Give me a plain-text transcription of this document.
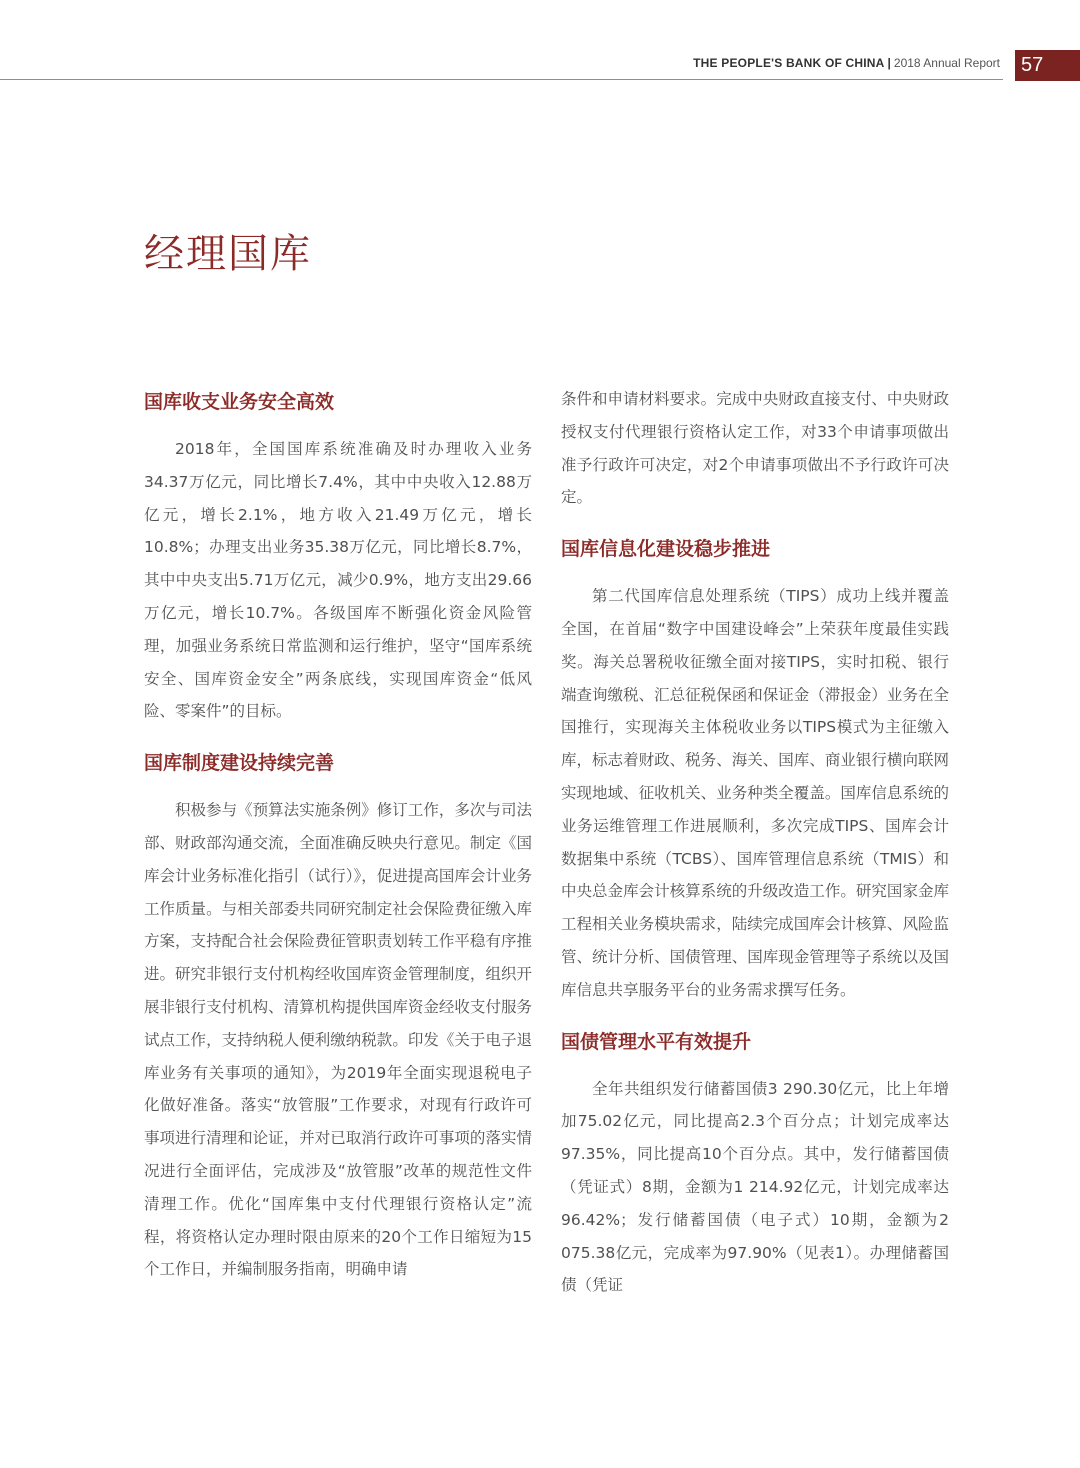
THE PEOPLE'S BANK OF CHINA | 2018 Annual Report	57
经理国库
国库收支业务安全高效

2018年，全国国库系统准确及时办理收入业务34.37万亿元，同比增长7.4%，其中中央收入12.88万亿元，增长2.1%，地方收入21.49万亿元，增长10.8%；办理支出业务35.38万亿元，同比增长8.7%，其中中央支出5.71万亿元，减少0.9%，地方支出29.66万亿元，增长10.7%。各级国库不断强化资金风险管理，加强业务系统日常监测和运行维护，坚守“国库系统安全、国库资金安全”两条底线，实现国库资金“低风险、零案件”的目标。

国库制度建设持续完善

积极参与《预算法实施条例》修订工作，多次与司法部、财政部沟通交流，全面准确反映央行意见。制定《国库会计业务标准化指引（试行）》，促进提高国库会计业务工作质量。与相关部委共同研究制定社会保险费征缴入库方案，支持配合社会保险费征管职责划转工作平稳有序推进。研究非银行支付机构经收国库资金管理制度，组织开展非银行支付机构、清算机构提供国库资金经收支付服务试点工作，支持纳税人便利缴纳税款。印发《关于电子退库业务有关事项的通知》，为2019年全面实现退税电子化做好准备。落实“放管服”工作要求，对现有行政许可事项进行清理和论证，并对已取消行政许可事项的落实情况进行全面评估，完成涉及“放管服”改革的规范性文件清理工作。优化“国库集中支付代理银行资格认定”流程，将资格认定办理时限由原来的20个工作日缩短为15个工作日，并编制服务指南，明确申请

条件和申请材料要求。完成中央财政直接支付、中央财政授权支付代理银行资格认定工作，对33个申请事项做出准予行政许可决定，对2个申请事项做出不予行政许可决定。

国库信息化建设稳步推进

第二代国库信息处理系统（TIPS）成功上线并覆盖全国，在首届“数字中国建设峰会”上荣获年度最佳实践奖。海关总署税收征缴全面对接TIPS，实时扣税、银行端查询缴税、汇总征税保函和保证金（滞报金）业务在全国推行，实现海关主体税收业务以TIPS模式为主征缴入库，标志着财政、税务、海关、国库、商业银行横向联网实现地域、征收机关、业务种类全覆盖。国库信息系统的业务运维管理工作进展顺利，多次完成TIPS、国库会计数据集中系统（TCBS）、国库管理信息系统（TMIS）和中央总金库会计核算系统的升级改造工作。研究国家金库工程相关业务模块需求，陆续完成国库会计核算、风险监管、统计分析、国债管理、国库现金管理等子系统以及国库信息共享服务平台的业务需求撰写任务。

国债管理水平有效提升

全年共组织发行储蓄国债3 290.30亿元，比上年增加75.02亿元，同比提高2.3个百分点；计划完成率达97.35%，同比提高10个百分点。其中，发行储蓄国债（凭证式）8期，金额为1 214.92亿元，计划完成率达96.42%；发行储蓄国债（电子式）10期，金额为2 075.38亿元，完成率为97.90%（见表1）。办理储蓄国债（凭证
